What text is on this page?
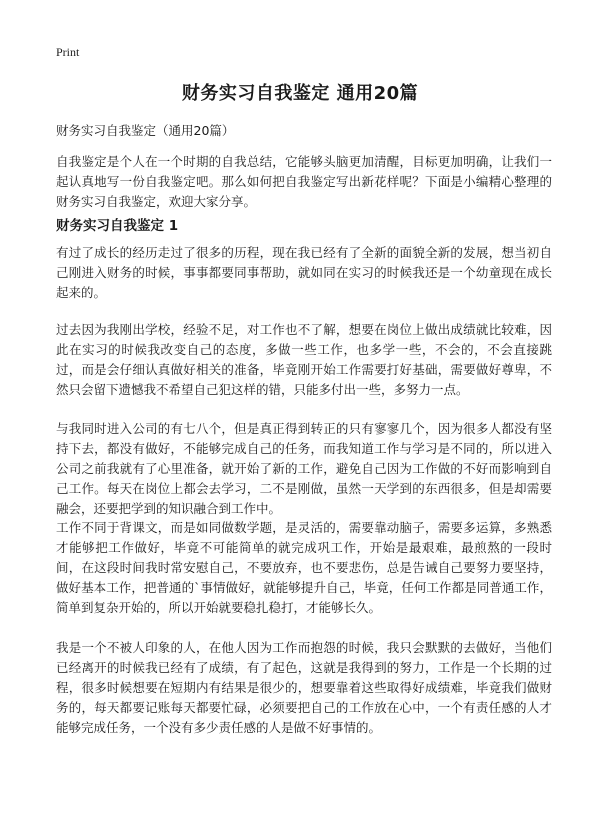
Print
财务实习自我鉴定 通用20篇
财务实习自我鉴定（通用20篇）

自我鉴定是个人在一个时期的自我总结，它能够头脑更加清醒，目标更加明确，让我们一起认真地写一份自我鉴定吧。那么如何把自我鉴定写出新花样呢？下面是小编精心整理的财务实习自我鉴定，欢迎大家分享。

财务实习自我鉴定 1

有过了成长的经历走过了很多的历程，现在我已经有了全新的面貌全新的发展，想当初自己刚进入财务的时候，事事都要同事帮助，就如同在实习的时候我还是一个幼童现在成长起来的。

过去因为我刚出学校，经验不足，对工作也不了解，想要在岗位上做出成绩就比较难，因此在实习的时候我改变自己的态度，多做一些工作，也多学一些，不会的，不会直接跳过，而是会仔细认真做好相关的准备，毕竟刚开始工作需要打好基础，需要做好尊卑，不然只会留下遗憾我不希望自己犯这样的错，只能多付出一些，多努力一点。

与我同时进入公司的有七八个，但是真正得到转正的只有寥寥几个，因为很多人都没有坚持下去，都没有做好，不能够完成自己的任务，而我知道工作与学习是不同的，所以进入公司之前我就有了心里准备，就开始了新的工作，避免自己因为工作做的不好而影响到自己工作。每天在岗位上都会去学习，二不是刚做，虽然一天学到的东西很多，但是却需要融会，还要把学到的知识融合到工作中。

工作不同于背课文，而是如同做数学题，是灵活的，需要靠动脑子，需要多运算，多熟悉才能够把工作做好，毕竟不可能简单的就完成巩工作，开始是最艰难，最煎熬的一段时间，在这段时间我时常安慰自己，不要放弃，也不要悲伤，总是告诫自己要努力要坚持，做好基本工作，把普通的`事情做好，就能够提升自己，毕竟，任何工作都是同普通工作，简单到复杂开始的，所以开始就要稳扎稳打，才能够长久。

我是一个不被人印象的人，在他人因为工作而抱怨的时候，我只会默默的去做好，当他们已经离开的时候我已经有了成绩，有了起色，这就是我得到的努力，工作是一个长期的过程，很多时候想要在短期内有结果是很少的，想要靠着这些取得好成绩难，毕竟我们做财务的，每天都要记账每天都要忙碌，必须要把自己的工作放在心中，一个有责任感的人才能够完成任务，一个没有多少责任感的人是做不好事情的。
